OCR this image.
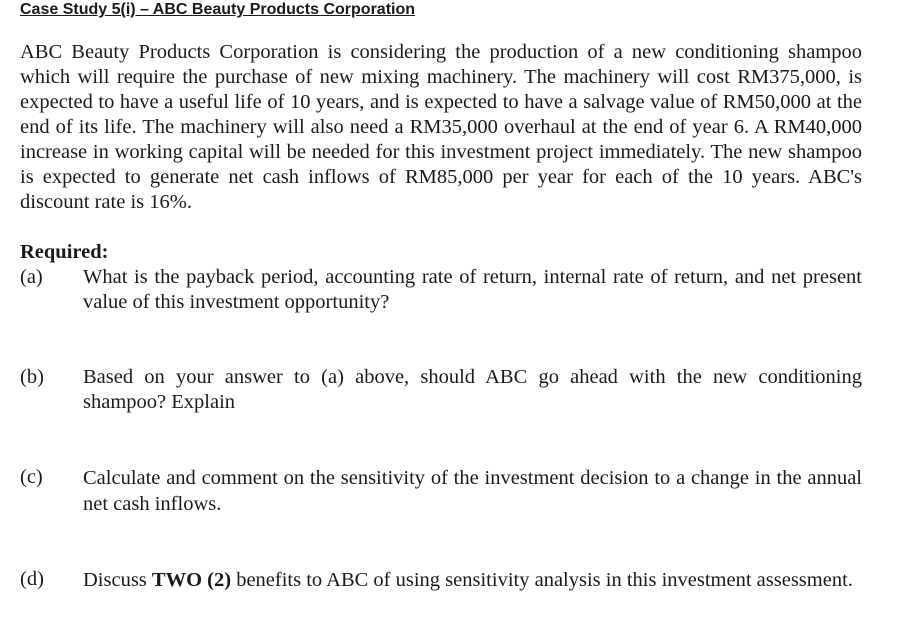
Case Study 5(i) – ABC Beauty Products Corporation

ABC Beauty Products Corporation is considering the production of a new conditioning shampoo which will require the purchase of new mixing machinery. The machinery will cost RM375,000, is expected to have a useful life of 10 years, and is expected to have a salvage value of RM50,000 at the end of its life. The machinery will also need a RM35,000 overhaul at the end of year 6. A RM40,000 increase in working capital will be needed for this investment project immediately. The new shampoo is expected to generate net cash inflows of RM85,000 per year for each of the 10 years. ABC's discount rate is 16%.

Required:
(a)	What is the payback period, accounting rate of return, internal rate of return, and net present value of this investment opportunity?
(b)	Based on your answer to (a) above, should ABC go ahead with the new conditioning shampoo? Explain
(c)	Calculate and comment on the sensitivity of the investment decision to a change in the annual net cash inflows.
(d)	Discuss TWO (2) benefits to ABC of using sensitivity analysis in this investment assessment.
